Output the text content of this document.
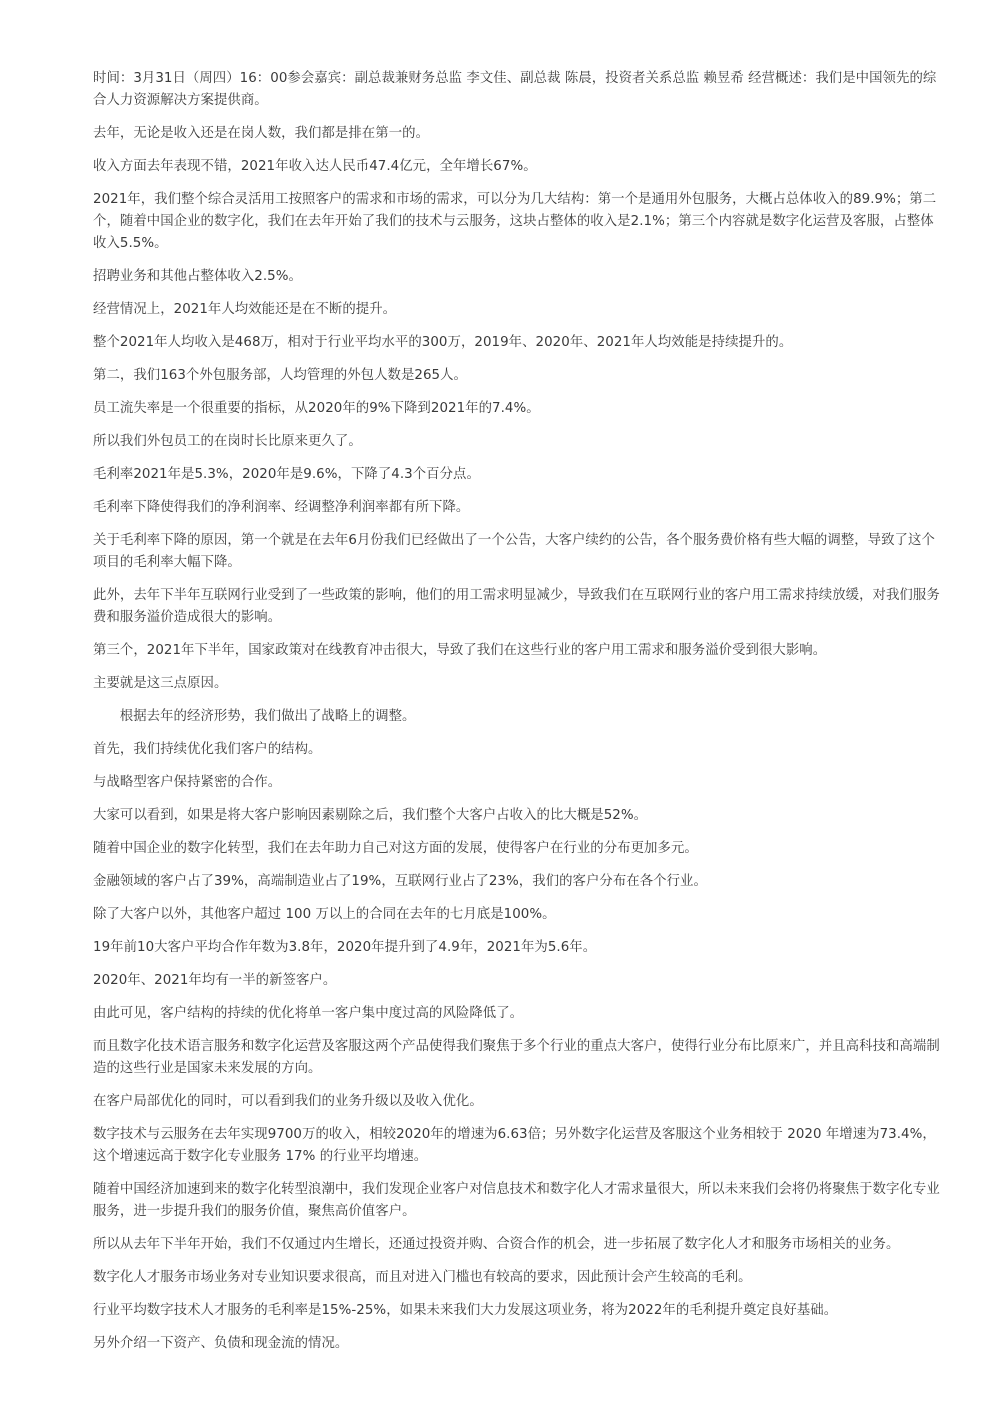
时间：3月31日（周四）16：00参会嘉宾：副总裁兼财务总监 李文佳、副总裁 陈晨，投资者关系总监 赖昱希 经营概述：我们是中国领先的综合人力资源解决方案提供商。

去年，无论是收入还是在岗人数，我们都是排在第一的。

收入方面去年表现不错，2021年收入达人民币47.4亿元，全年增长67%。

2021年，我们整个综合灵活用工按照客户的需求和市场的需求，可以分为几大结构：第一个是通用外包服务，大概占总体收入的89.9%；第二个，随着中国企业的数字化，我们在去年开始了我们的技术与云服务，这块占整体的收入是2.1%；第三个内容就是数字化运营及客服，占整体收入5.5%。

招聘业务和其他占整体收入2.5%。

经营情况上，2021年人均效能还是在不断的提升。

整个2021年人均收入是468万，相对于行业平均水平的300万，2019年、2020年、2021年人均效能是持续提升的。

第二，我们163个外包服务部，人均管理的外包人数是265人。

员工流失率是一个很重要的指标，从2020年的9%下降到2021年的7.4%。

所以我们外包员工的在岗时长比原来更久了。

毛利率2021年是5.3%，2020年是9.6%，下降了4.3个百分点。

毛利率下降使得我们的净利润率、经调整净利润率都有所下降。

关于毛利率下降的原因，第一个就是在去年6月份我们已经做出了一个公告，大客户续约的公告，各个服务费价格有些大幅的调整，导致了这个项目的毛利率大幅下降。

此外，去年下半年互联网行业受到了一些政策的影响，他们的用工需求明显减少，导致我们在互联网行业的客户用工需求持续放缓，对我们服务费和服务溢价造成很大的影响。

第三个，2021年下半年，国家政策对在线教育冲击很大，导致了我们在这些行业的客户用工需求和服务溢价受到很大影响。

主要就是这三点原因。

根据去年的经济形势，我们做出了战略上的调整。

首先，我们持续优化我们客户的结构。

与战略型客户保持紧密的合作。

大家可以看到，如果是将大客户影响因素剔除之后，我们整个大客户占收入的比大概是52%。

随着中国企业的数字化转型，我们在去年助力自己对这方面的发展，使得客户在行业的分布更加多元。

金融领域的客户占了39%，高端制造业占了19%，互联网行业占了23%，我们的客户分布在各个行业。

除了大客户以外，其他客户超过 100 万以上的合同在去年的七月底是100%。

19年前10大客户平均合作年数为3.8年，2020年提升到了4.9年，2021年为5.6年。

2020年、2021年均有一半的新签客户。

由此可见，客户结构的持续的优化将单一客户集中度过高的风险降低了。

而且数字化技术语言服务和数字化运营及客服这两个产品使得我们聚焦于多个行业的重点大客户，使得行业分布比原来广，并且高科技和高端制造的这些行业是国家未来发展的方向。

在客户局部优化的同时，可以看到我们的业务升级以及收入优化。

数字技术与云服务在去年实现9700万的收入，相较2020年的增速为6.63倍；另外数字化运营及客服这个业务相较于 2020 年增速为73.4%，这个增速远高于数字化专业服务 17% 的行业平均增速。

随着中国经济加速到来的数字化转型浪潮中，我们发现企业客户对信息技术和数字化人才需求量很大，所以未来我们会将仍将聚焦于数字化专业服务，进一步提升我们的服务价值，聚焦高价值客户。

所以从去年下半年开始，我们不仅通过内生增长，还通过投资并购、合资合作的机会，进一步拓展了数字化人才和服务市场相关的业务。

数字化人才服务市场业务对专业知识要求很高，而且对进入门槛也有较高的要求，因此预计会产生较高的毛利。

行业平均数字技术人才服务的毛利率是15%-25%，如果未来我们大力发展这项业务，将为2022年的毛利提升奠定良好基础。

另外介绍一下资产、负债和现金流的情况。
